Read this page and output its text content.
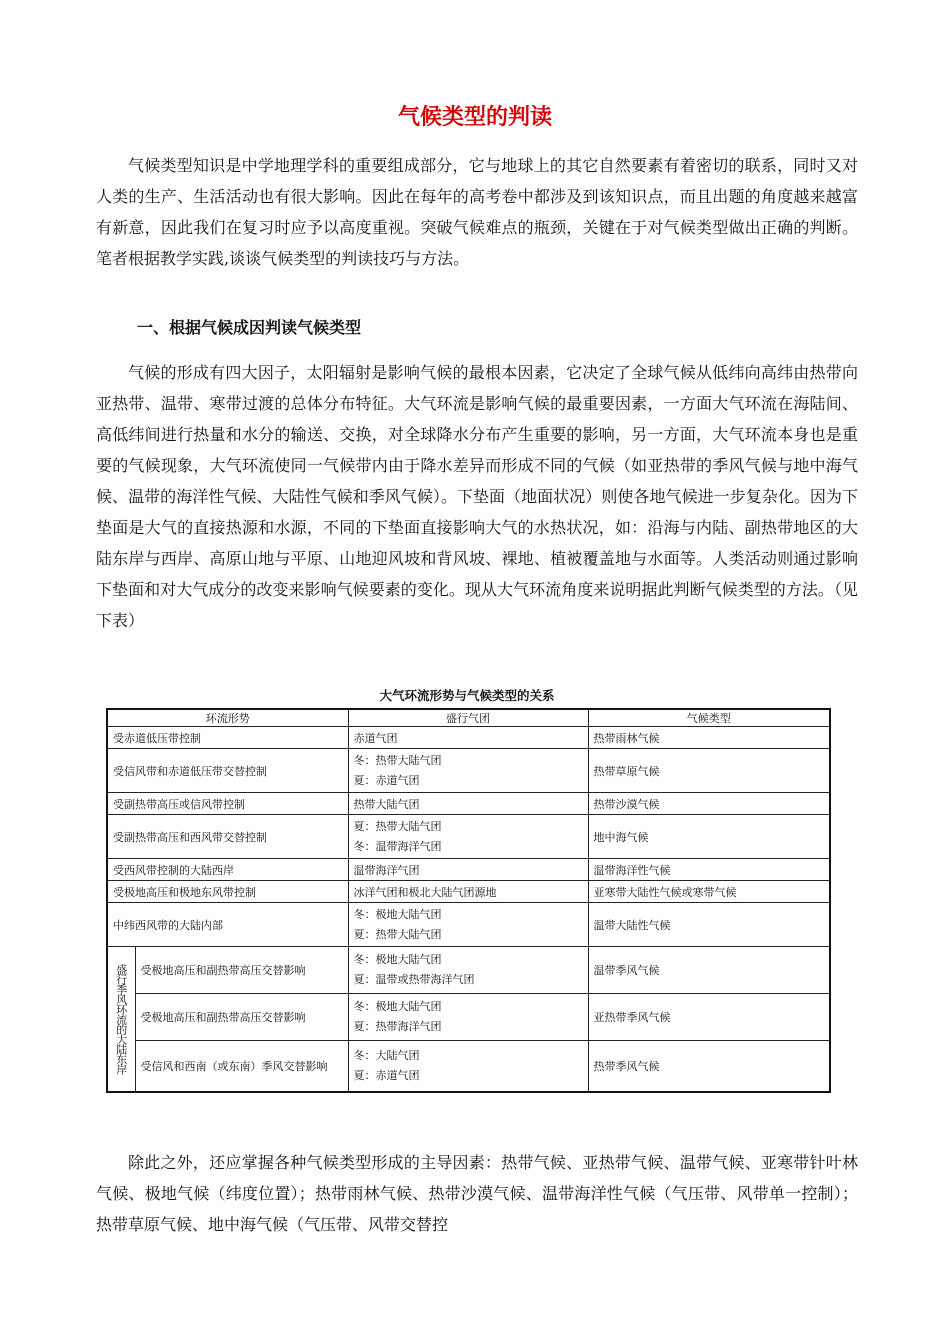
气候类型的判读

气候类型知识是中学地理学科的重要组成部分，它与地球上的其它自然要素有着密切的联系，同时又对人类的生产、生活活动也有很大影响。因此在每年的高考卷中都涉及到该知识点，而且出题的角度越来越富有新意，因此我们在复习时应予以高度重视。突破气候难点的瓶颈，关键在于对气候类型做出正确的判断。笔者根据教学实践,谈谈气候类型的判读技巧与方法。

一、根据气候成因判读气候类型

气候的形成有四大因子，太阳辐射是影响气候的最根本因素，它决定了全球气候从低纬向高纬由热带向亚热带、温带、寒带过渡的总体分布特征。大气环流是影响气候的最重要因素，一方面大气环流在海陆间、高低纬间进行热量和水分的输送、交换，对全球降水分布产生重要的影响，另一方面，大气环流本身也是重要的气候现象，大气环流使同一气候带内由于降水差异而形成不同的气候（如亚热带的季风气候与地中海气候、温带的海洋性气候、大陆性气候和季风气候）。下垫面（地面状况）则使各地气候进一步复杂化。因为下垫面是大气的直接热源和水源，不同的下垫面直接影响大气的水热状况，如：沿海与内陆、副热带地区的大陆东岸与西岸、高原山地与平原、山地迎风坡和背风坡、裸地、植被覆盖地与水面等。人类活动则通过影响下垫面和对大气成分的改变来影响气候要素的变化。现从大气环流角度来说明据此判断气候类型的方法。（见下表）

大气环流形势与气候类型的关系
环流形势		盛行气团	气候类型
受赤道低压带控制		赤道气团	热带雨林气候
受信风带和赤道低压带交替控制		冬：热带大陆气团
夏：赤道气团	热带草原气候
受副热带高压或信风带控制		热带大陆气团	热带沙漠气候
受副热带高压和西风带交替控制		夏：热带大陆气团
冬：温带海洋气团	地中海气候
受西风带控制的大陆西岸		温带海洋气团	温带海洋性气候
受极地高压和极地东风带控制		冰洋气团和极北大陆气团源地	亚寒带大陆性气候或寒带气候
中纬西风带的大陆内部		冬：极地大陆气团
夏：热带大陆气团	温带大陆性气候
盛行季风环流的大陆东岸	受极地高压和副热带高压交替影响	冬：极地大陆气团
夏：温带或热带海洋气团	温带季风气候
	受极地高压和副热带高压交替影响	冬：极地大陆气团
夏：热带海洋气团	亚热带季风气候
	受信风和西南（或东南）季风交替影响	冬：大陆气团
夏：赤道气团	热带季风气候

除此之外，还应掌握各种气候类型形成的主导因素：热带气候、亚热带气候、温带气候、亚寒带针叶林气候、极地气候（纬度位置）；热带雨林气候、热带沙漠气候、温带海洋性气候（气压带、风带单一控制）；热带草原气候、地中海气候（气压带、风带交替控
